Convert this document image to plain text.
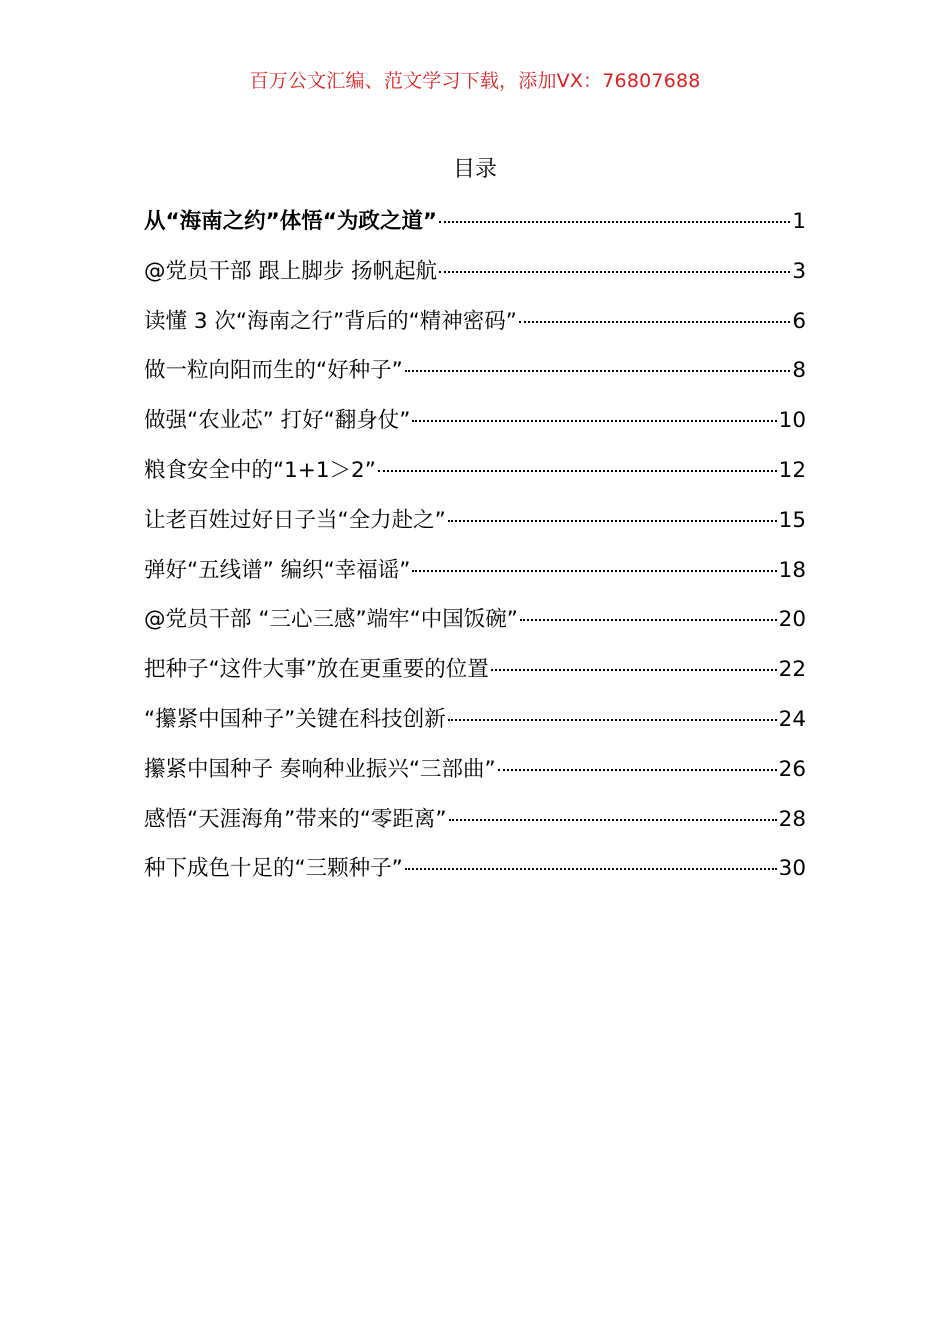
百万公文汇编、范文学习下载，添加VX：76807688
目录
从“海南之约”体悟“为政之道”	1
@党员干部 跟上脚步 扬帆起航	3
读懂 3 次“海南之行”背后的“精神密码”	6
做一粒向阳而生的“好种子”	8
做强“农业芯” 打好“翻身仗”	10
粮食安全中的“1+1＞2”	12
让老百姓过好日子当“全力赴之”	15
弹好“五线谱” 编织“幸福谣”	18
@党员干部 “三心三感”端牢“中国饭碗”	20
把种子“这件大事”放在更重要的位置	22
“攥紧中国种子”关键在科技创新	24
攥紧中国种子 奏响种业振兴“三部曲”	26
感悟“天涯海角”带来的“零距离”	28
种下成色十足的“三颗种子”	30
